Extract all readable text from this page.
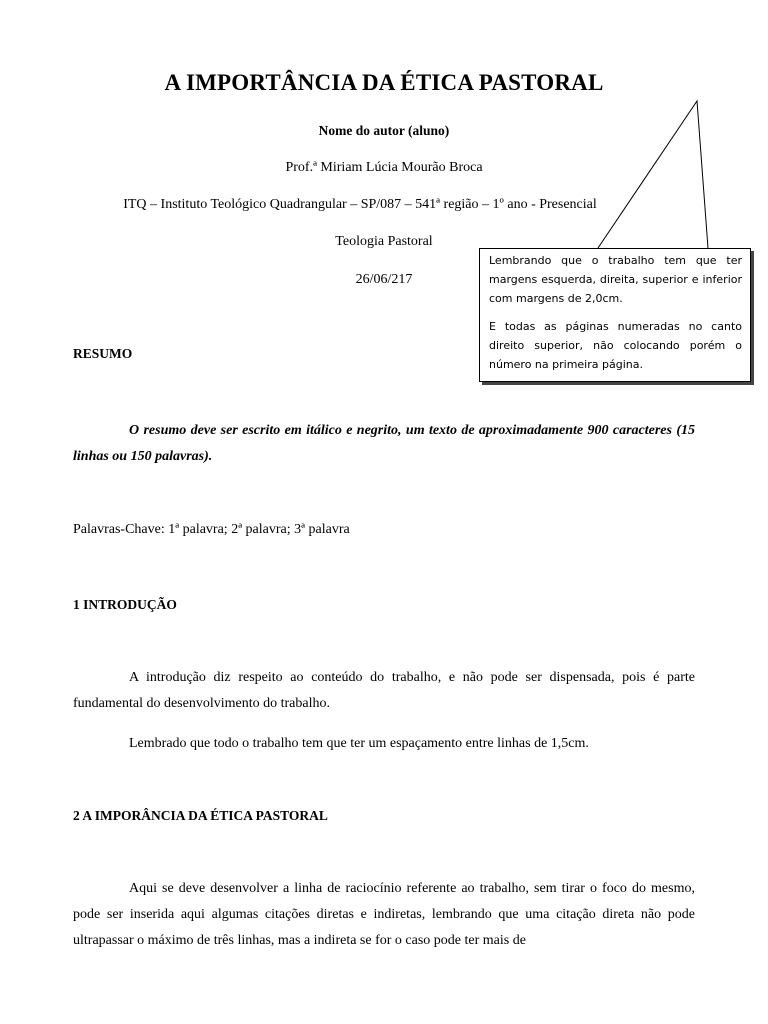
A IMPORTÂNCIA DA ÉTICA PASTORAL
Nome do autor (aluno)
Prof.ª Miriam Lúcia Mourão Broca
ITQ – Instituto Teológico Quadrangular – SP/087 – 541ª região – 1º ano - Presencial
Teologia Pastoral
26/06/217

Lembrando que o trabalho tem que ter margens esquerda, direita, superior e inferior com margens de 2,0cm.

E todas as páginas numeradas no canto direito superior, não colocando porém o número na primeira página.

RESUMO
O resumo deve ser escrito em itálico e negrito, um texto de aproximadamente 900 caracteres (15 linhas ou 150 palavras).
Palavras-Chave: 1ª palavra; 2ª palavra; 3ª palavra
1 INTRODUÇÃO
A introdução diz respeito ao conteúdo do trabalho, e não pode ser dispensada, pois é parte fundamental do desenvolvimento do trabalho.
Lembrado que todo o trabalho tem que ter um espaçamento entre linhas de 1,5cm.
2 A IMPORÂNCIA DA ÉTICA PASTORAL
Aqui se deve desenvolver a linha de raciocínio referente ao trabalho, sem tirar o foco do mesmo, pode ser inserida aqui algumas citações diretas e indiretas, lembrando que uma citação direta não pode ultrapassar o máximo de três linhas, mas a indireta se for o caso pode ter mais de
